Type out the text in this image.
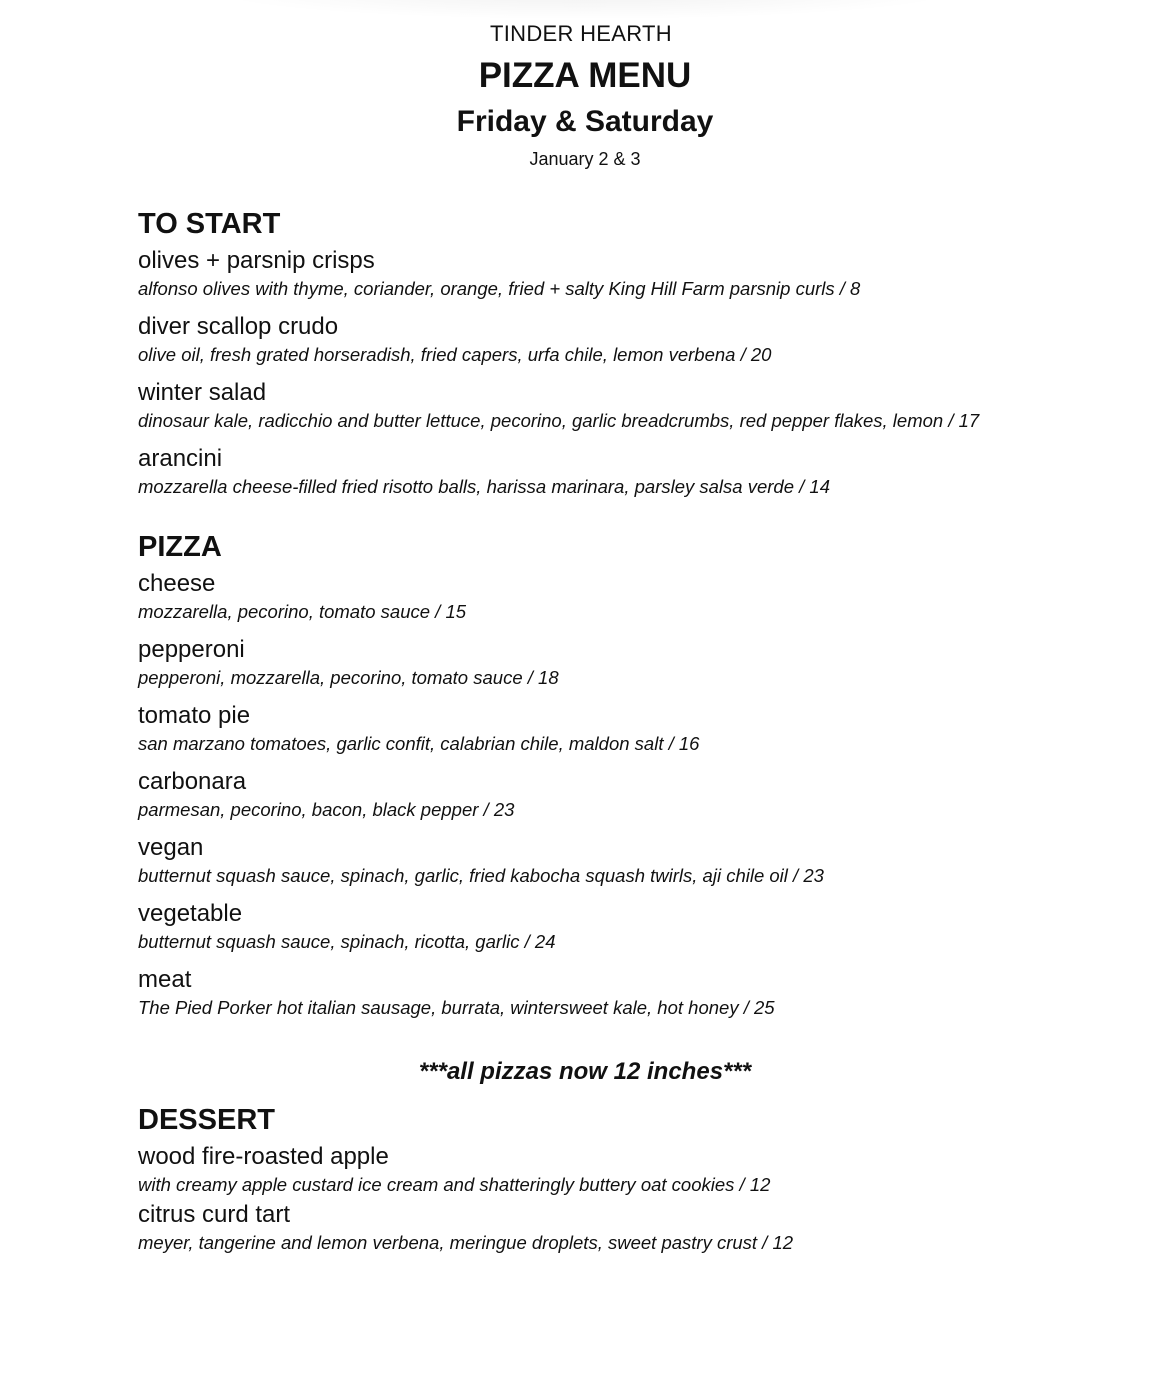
TINDER HEARTH
PIZZA MENU
Friday & Saturday
January 2 & 3
TO START

olives + parsnip crisps

alfonso olives with thyme, coriander, orange, fried + salty King Hill Farm parsnip curls / 8

diver scallop crudo

olive oil, fresh grated horseradish, fried capers, urfa chile, lemon verbena / 20

winter salad

dinosaur kale, radicchio and butter lettuce, pecorino, garlic breadcrumbs, red pepper flakes, lemon / 17

arancini

mozzarella cheese-filled fried risotto balls, harissa marinara, parsley salsa verde / 14

PIZZA

cheese

mozzarella, pecorino, tomato sauce / 15

pepperoni

pepperoni, mozzarella, pecorino, tomato sauce / 18

tomato pie

san marzano tomatoes, garlic confit, calabrian chile, maldon salt / 16

carbonara

parmesan, pecorino, bacon, black pepper / 23

vegan

butternut squash sauce, spinach, garlic, fried kabocha squash twirls, aji chile oil / 23

vegetable

butternut squash sauce, spinach, ricotta, garlic / 24

meat

The Pied Porker hot italian sausage, burrata, wintersweet kale, hot honey / 25

***all pizzas now 12 inches***
DESSERT

wood fire-roasted apple

with creamy apple custard ice cream and shatteringly buttery oat cookies / 12

citrus curd tart

meyer, tangerine and lemon verbena, meringue droplets, sweet pastry crust / 12
